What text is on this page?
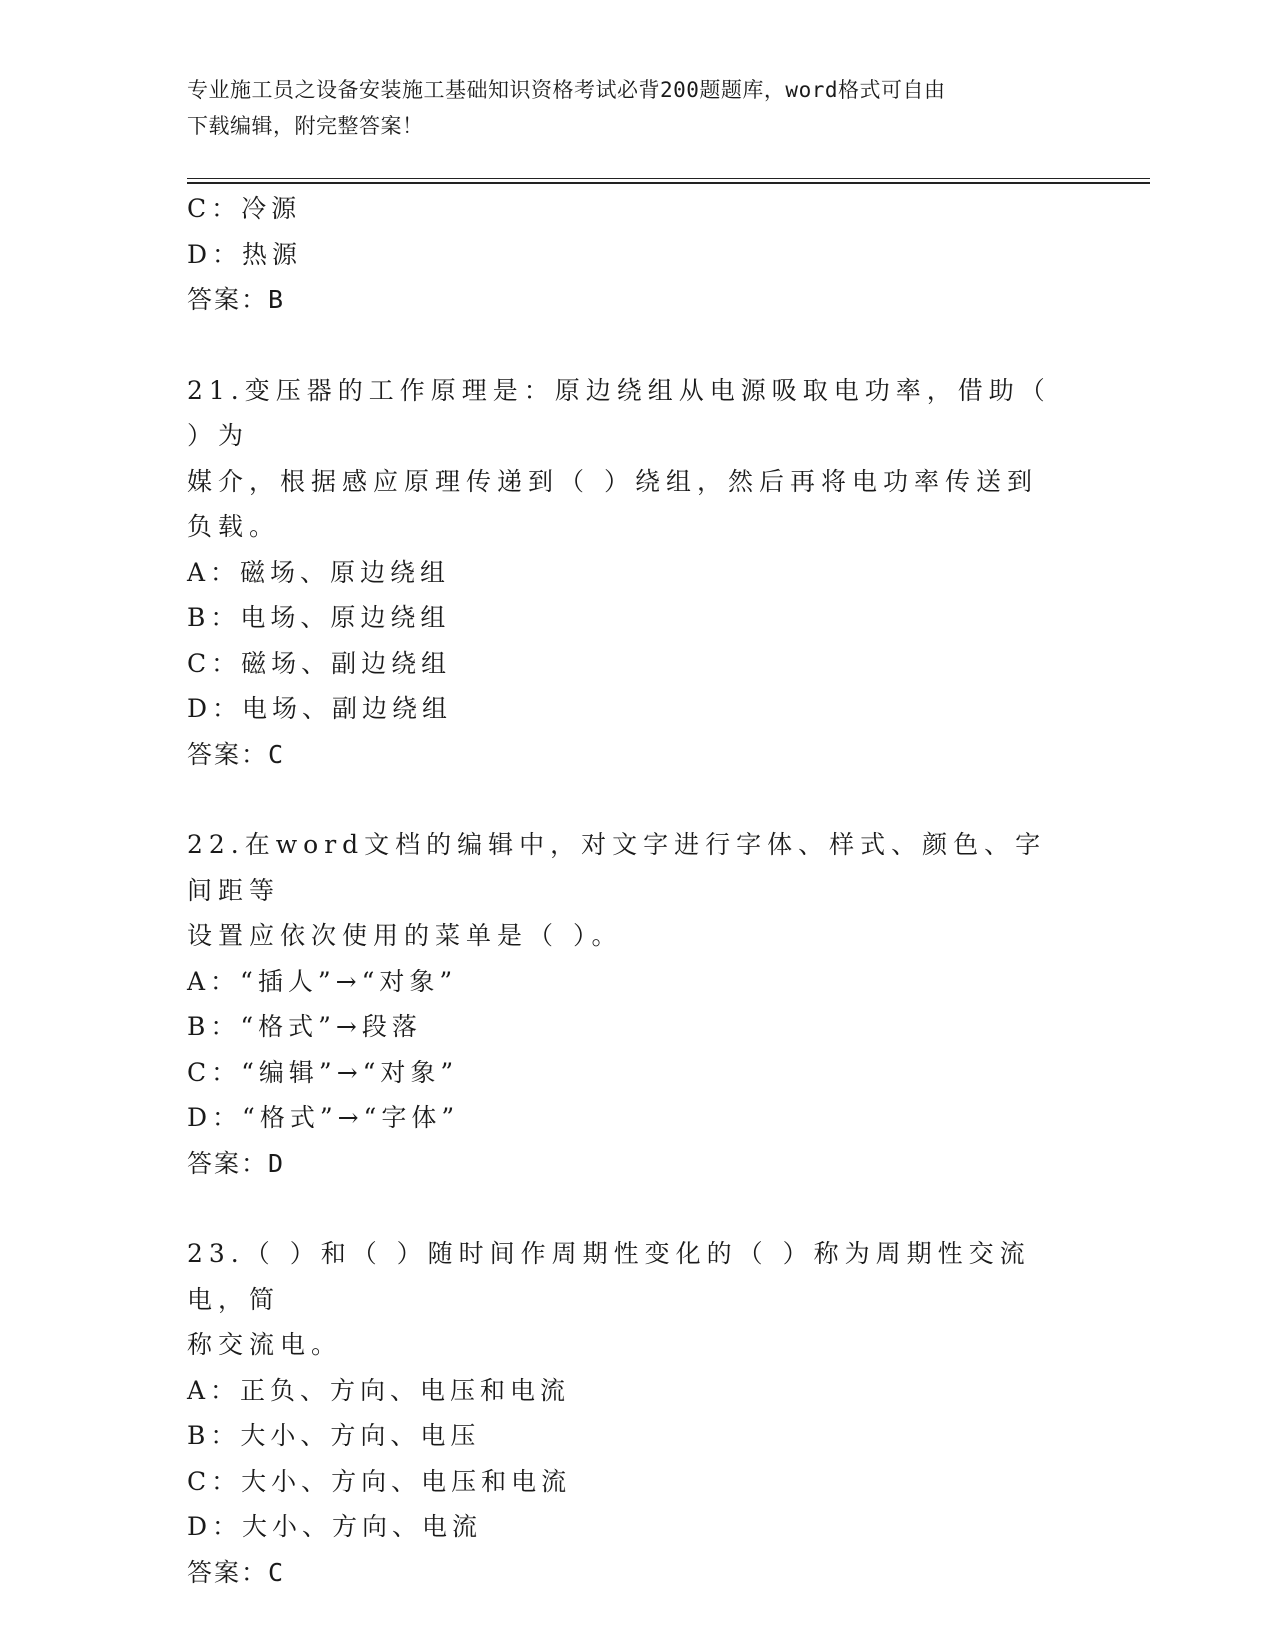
专业施工员之设备安装施工基础知识资格考试必背200题题库，word格式可自由
下载编辑，附完整答案！
C：冷源
D：热源
答案：B
21.变压器的工作原理是：原边绕组从电源吸取电功率，借助（ ）为
媒介，根据感应原理传递到（ ）绕组，然后再将电功率传送到负载。
A：磁场、原边绕组
B：电场、原边绕组
C：磁场、副边绕组
D：电场、副边绕组
答案：C
22.在word文档的编辑中，对文字进行字体、样式、颜色、字间距等
设置应依次使用的菜单是（ ）。
A：“插人”→“对象”
B：“格式”→段落
C：“编辑”→“对象”
D：“格式”→“字体”
答案：D
23.（ ）和（ ）随时间作周期性变化的（ ）称为周期性交流电，简
称交流电。
A：正负、方向、电压和电流
B：大小、方向、电压
C：大小、方向、电压和电流
D：大小、方向、电流
答案：C
